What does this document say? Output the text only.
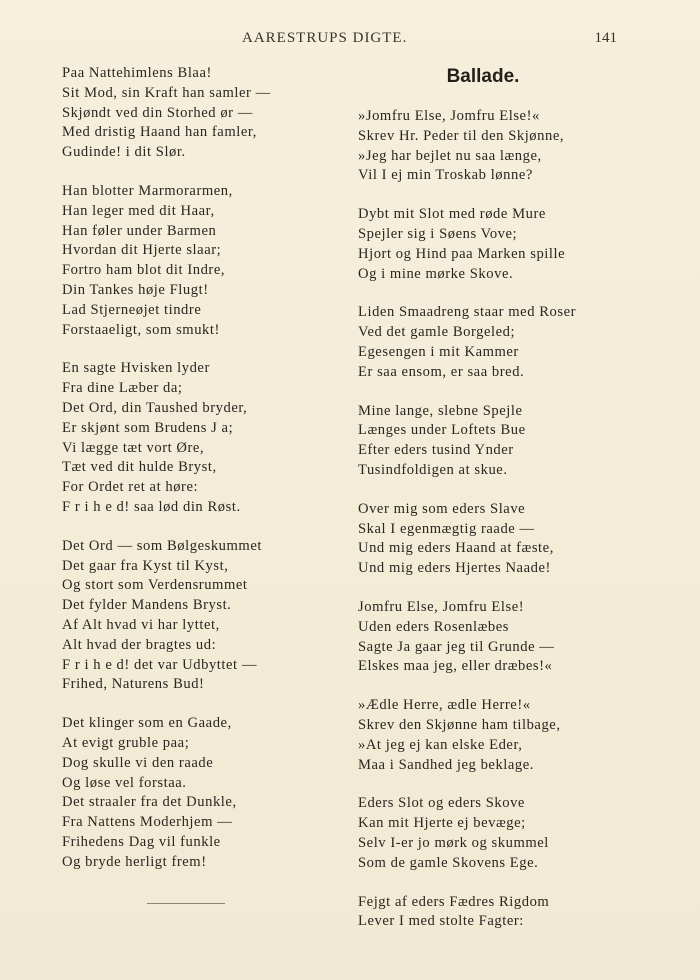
AARESTRUPS DIGTE.	141
Paa Nattehimlens Blaa!
Sit Mod, sin Kraft han samler —
Skjøndt ved din Storhed ør —
Med dristig Haand han famler,
Gudinde! i dit Slør.
Han blotter Marmorarmen,
Han leger med dit Haar,
Han føler under Barmen
Hvordan dit Hjerte slaar;
Fortro ham blot dit Indre,
Din Tankes høje Flugt!
Lad Stjerneøjet tindre
Forstaaeligt, som smukt!
En sagte Hvisken lyder
Fra dine Læber da;
Det Ord, din Taushed bryder,
Er skjønt som Brudens J a;
Vi lægge tæt vort Øre,
Tæt ved dit hulde Bryst,
For Ordet ret at høre:
F r i h e d! saa lød din Røst.
Det Ord — som Bølgeskummet
Det gaar fra Kyst til Kyst,
Og stort som Verdensrummet
Det fylder Mandens Bryst.
Af Alt hvad vi har lyttet,
Alt hvad der bragtes ud:
F r i h e d! det var Udbyttet —
Frihed, Naturens Bud!
Det klinger som en Gaade,
At evigt gruble paa;
Dog skulle vi den raade
Og løse vel forstaa.
Det straaler fra det Dunkle,
Fra Nattens Moderhjem —
Frihedens Dag vil funkle
Og bryde herligt frem!
Ballade.
»Jomfru Else, Jomfru Else!«
Skrev Hr. Peder til den Skjønne,
»Jeg har bejlet nu saa længe,
Vil I ej min Troskab lønne?
Dybt mit Slot med røde Mure
Spejler sig i Søens Vove;
Hjort og Hind paa Marken spille
Og i mine mørke Skove.
Liden Smaadreng staar med Roser
Ved det gamle Borgeled;
Egesengen i mit Kammer
Er saa ensom, er saa bred.
Mine lange, slebne Spejle
Længes under Loftets Bue
Efter eders tusind Ynder
Tusindfoldigen at skue.
Over mig som eders Slave
Skal I egenmægtig raade —
Und mig eders Haand at fæste,
Und mig eders Hjertes Naade!
Jomfru Else, Jomfru Else!
Uden eders Rosenlæbes
Sagte Ja gaar jeg til Grunde —
Elskes maa jeg, eller dræbes!«
»Ædle Herre, ædle Herre!«
Skrev den Skjønne ham tilbage,
»At jeg ej kan elske Eder,
Maa i Sandhed jeg beklage.
Eders Slot og eders Skove
Kan mit Hjerte ej bevæge;
Selv I-er jo mørk og skummel
Som de gamle Skovens Ege.
Fejgt af eders Fædres Rigdom
Lever I med stolte Fagter:
